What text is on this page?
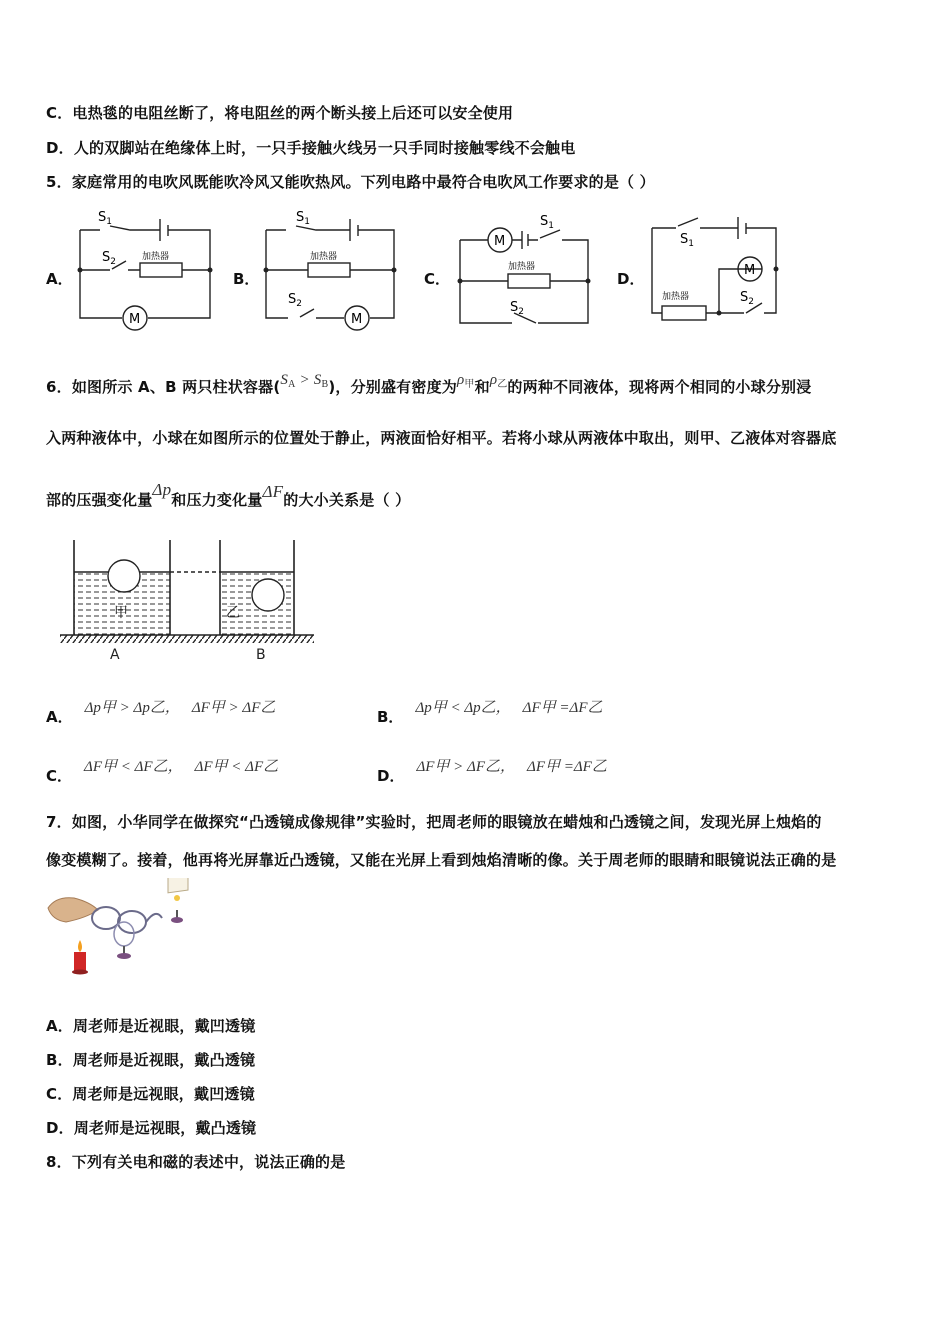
C．电热毯的电阻丝断了，将电阻丝的两个断头接上后还可以安全使用
D．人的双脚站在绝缘体上时，一只手接触火线另一只手同时接触零线不会触电
5．家庭常用的电吹风既能吹冷风又能吹热风。下列电路中最符合电吹风工作要求的是（ ）
A．	B．	C．	D．
$S_1$
$S_2$	加热器
M
$S_1$
$S_2$
加热器
M
M
$S_1$
加热器
$S_2$
$S_1$
M
加热器	$S_2$
6．如图所示 A、B 两只柱状容器$(S_A > S_B)$，分别盛有密度为$\rho_甲$和$\rho_乙$的两种不同液体，现将两个相同的小球分别浸
入两种液体中，小球在如图所示的位置处于静止，两液面恰好相平。若将小球从两液体中取出，则甲、乙液体对容器底
部的压强变化量Δp和压力变化量ΔF的大小关系是（ ）
甲	乙
A	B
A． Δp甲 > Δp乙， ΔF甲 > ΔF乙	B． Δp甲 < Δp乙， ΔF甲 =ΔF乙
C． ΔF甲 < ΔF乙， ΔF甲 < ΔF乙	D． ΔF甲 > ΔF乙， ΔF甲 =ΔF乙
7．如图，小华同学在做探究“凸透镜成像规律”实验时，把周老师的眼镜放在蜡烛和凸透镜之间，发现光屏上烛焰的
像变模糊了。接着，他再将光屏靠近凸透镜，又能在光屏上看到烛焰清晰的像。关于周老师的眼睛和眼镜说法正确的是
A．周老师是近视眼，戴凹透镜
B．周老师是近视眼，戴凸透镜
C．周老师是远视眼，戴凹透镜
D．周老师是远视眼，戴凸透镜
8．下列有关电和磁的表述中，说法正确的是
